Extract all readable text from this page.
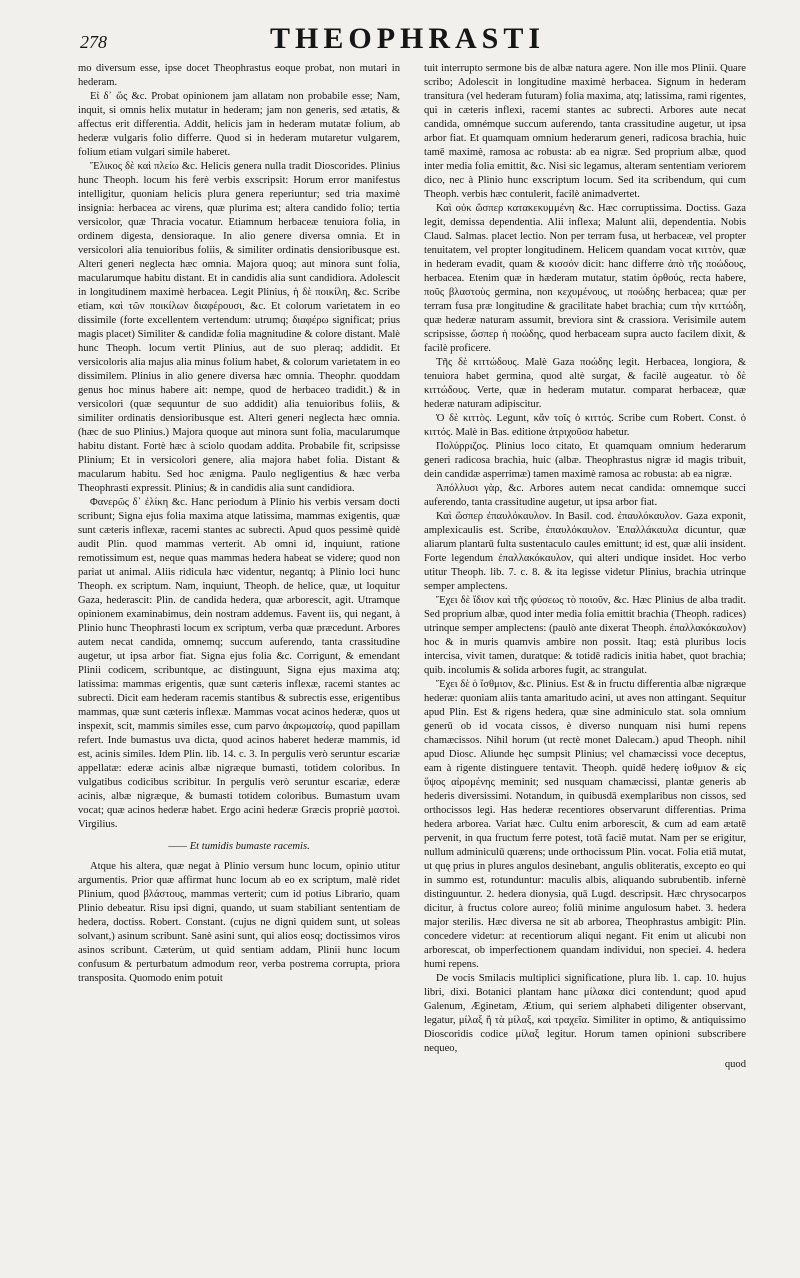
278	THEOPHRASTI

mo diversum esse, ipse docet Theophrastus eoque probat, non mutari in hederam.

Εἰ δ᾽ ὥς &c. Probat opinionem jam allatam non probabile esse; Nam, inquit, si omnis helix mutatur in hederam; jam non generis, sed ætatis, & affectus erit differentia. Addit, helicis jam in hederam mutatæ folium, ab hederæ vulgaris folio differre. Quod si in hederam mutaretur vulgarem, folium etiam vulgari simile haberet.

Ἔλικος δὲ καὶ πλείω &c. Helicis genera nulla tradit Dioscorides. Plinius hunc Theoph. locum his ferè verbis exscripsit: Horum error manifestus intelligitur, quoniam helicis plura genera reperiuntur; sed tria maximè insignia: herbacea ac virens, quæ plurima est; altera candido folio; tertia versicolor, quæ Thracia vocatur. Etiamnum herbaceæ tenuiora folia, in ordinem digesta, densioraque. In alio genere diversa omnia. Et in versicolori alia tenuioribus foliis, & similiter ordinatis densioribusque est. Alteri generi neglecta hæc omnia. Majora quoq; aut minora sunt folia, macularumque habitu distant. Et in candidis alia sunt candidiora. Adolescit in longitudinem maximè herbacea. Legit Plinius, ἡ δὲ ποικίλη, &c. Scribe etiam, καὶ τῶν ποικίλων διαφέρουσι, &c. Et colorum varietatem in eo dissimile (forte excellentem vertendum: utrumq; διαφέρω significat; prius magis placet) Similiter & candidæ folia magnitudine & colore distant. Malè hunc Theoph. locum vertit Plinius, aut de suo pleraq; addidit. Et versicoloris alia majus alia minus folium habet, & colorum varietatem in eo dissimilem. Plinius in alio genere diversa hæc omnia. Theophr. quoddam genus hoc minus habere ait: nempe, quod de herbaceo tradidit.) & in versicolori (quæ sequuntur de suo addidit) alia tenuioribus foliis, & similiter ordinatis densioribusque est. Alteri generi neglecta hæc omnia. (hæc de suo Plinius.) Majora quoque aut minora sunt folia, macularumque habitu distant. Fortè hæc à sciolo quodam addita. Probabile fit, scripsisse Plinium; Et in versicolori genere, alia majora habet folia. Distant & macularum habitu. Sed hoc ænigma. Paulo negligentius & hæc verba Theophrasti expressit. Plinius; & in candidis alia sunt candidiora.

Φανερῶς δ᾽ ἐλίκη &c. Hanc periodum à Plinio his verbis versam docti scribunt; Signa ejus folia maxima atque latissima, mammas exigentis, quæ sunt cæteris inflexæ, racemi stantes ac subrecti. Apud quos pessimè quidè audit Plin. quod mammas verterit. Ab omni id, inquiunt, ratione remotissimum est, neque quas mammas hedera habeat se videre; quod non pariat ut animal. Aliis ridicula hæc videntur, negantq; à Plinio loci hunc Theoph. ex scriptum. Nam, inquiunt, Theoph. de helice, quæ, ut loquitur Gaza, hederascit: Plin. de candida hedera, quæ arborescit, agit. Utramque opinionem examinabimus, dein nostram addemus. Favent iis, qui negant, à Plinio hunc Theophrasti locum ex scriptum, verba quæ præcedunt. Arbores autem necat candida, omnemq; succum auferendo, tanta crassitudine augetur, ut ipsa arbor fiat. Signa ejus folia &c. Corrigunt, & emendant Plinii codicem, scribuntque, ac distinguunt, Signa ejus maxima atq; latissima: mammas erigentis, quæ sunt cæteris inflexæ, racemi stantes ac subrecti. Dicit eam hederam racemis stantibus & subrectis esse, erigentibus mammas, quæ sunt cæteris inflexæ. Mammas vocat acinos hederæ, quos ut inspexit, scit, mammis similes esse, cum parvo ἀκρωμασίῳ, quod papillam refert. Inde bumastus uva dicta, quod acinos haberet hederæ mammis, id est, acinis similes. Idem Plin. lib. 14. c. 3. In pergulis verò seruntur escariæ appellatæ: ederæ acinis albæ nigræque bumasti, totidem coloribus. In vulgatibus codicibus scribitur. In pergulis verò seruntur escariæ, ederæ acinis, albæ nigræque, & bumasti totidem coloribus. Bumastum uvam vocat; quæ acinos hederæ habet. Ergo acini hederæ Græcis propriè μαστοὶ. Virgilius.

—— Et tumidis bumaste racemis.

Atque his altera, quæ negat à Plinio versum hunc locum, opinio utitur argumentis. Prior quæ affirmat hunc locum ab eo ex scriptum, malè ridet Plinium, quod βλάστους, mammas verterit; cum id potius Librario, quam Plinio debeatur. Risu ipsi digni, quando, ut suam stabiliant sententiam de hedera, doctiss. Robert. Constant. (cujus ne digni quidem sunt, ut soleas solvant,) asinum scribunt. Sanè asini sunt, qui alios eosq; doctissimos viros asinos scribunt. Cæterùm, ut quid sentiam addam, Plinii hunc locum confusum & perturbatum admodum reor, verba postrema corrupta, priora transposita. Quomodo enim potuit

tuit interrupto sermone bis de albæ natura agere. Non ille mos Plinii. Quare scribo; Adolescit in longitudine maximè herbacea. Signum in hederam transitura (vel hederam futuram) folia maxima, atq; latissima, rami rigentes, qui in cæteris inflexi, racemi stantes ac subrecti. Arbores aute necat candida, omnémque succum auferendo, tanta crassitudine augetur, ut ipsa arbor fiat. Et quamquam omnium hederarum generi, radicosa brachia, huic tamē maximè, ramosa ac robusta: ab ea nigræ. Sed proprium albæ, quod inter media folia emittit, &c. Nisi sic legamus, alteram sententiam veriorem dico, nec à Plinio hunc exscriptum locum. Sed ita scribendum, qui cum Theoph. verbis hæc contulerit, facilè animadvertet.

Καὶ οὐκ ὥσπερ κατακεκυμμένη &c. Hæc corruptissima. Doctiss. Gaza legit, demissa dependentia. Alii inflexa; Malunt alii, dependentia. Nobis Claud. Salmas. placet lectio. Non per terram fusa, ut herbaceæ, vel propter tenuitatem, vel propter longitudinem. Helicem quandam vocat κιττὸν, quæ in hederam evadit, quam & κισσόν dicit: hanc differre ἀπὸ τῆς ποώδους, herbacea. Etenim quæ in hæderam mutatur, statim ὀρθούς, recta habere, ποῦς βλαστοὺς germina, non κεχυμένους, ut ποώδης herbacea; quæ per terram fusa præ longitudine & gracilitate habet brachia; cum τὴν κιττώδη, quæ hederæ naturam assumit, breviora sint & crassiora. Verisimile autem scripsisse, ὥσπερ ἡ ποώδης, quod herbaceam supra aucto facilem dixit, & facilè proficere.

Τῆς δὲ κιττώδους. Malè Gaza ποώδης legit. Herbacea, longiora, & tenuiora habet germina, quod altè surgat, & facilè augeatur. τὸ δὲ κιττώδους. Verte, quæ in hederam mutatur. comparat herbaceæ, quæ hederæ naturam adipiscitur.

Ὁ δὲ κιττὸς. Legunt, κἂν τοῖς ὁ κιττός. Scribe cum Robert. Const. ὁ κιττός. Malè in Bas. editione ἀτριχοῦσα habetur.

Πολύρριζος. Plinius loco citato, Et quamquam omnium hederarum generi radicosa brachia, huic (albæ. Theophrastus nigræ id magis tribuit, dein candidæ asperrimæ) tamen maximè ramosa ac robusta: ab ea nigræ.

Ἀπόλλυσι γὰρ, &c. Arbores autem necat candida: omnemque succi auferendo, tanta crassitudine augetur, ut ipsa arbor fiat.

Καὶ ὥσπερ ἐπαυλόκαυλον. In Basil. cod. ἐπαυλόκαυλον. Gaza exponit, amplexicaulis est. Scribe, ἐπαυλόκαυλον. Ἐπαλλάκαυλα dicuntur, quæ aliarum plantarū fulta sustentaculo caules emittunt; id est, quæ alii insident. Forte legendum ἐπαλλακόκαυλον, qui alteri undique insidet. Hoc verbo utitur Theoph. lib. 7. c. 8. & ita legisse videtur Plinius, brachia utrinque semper amplectens.

Ἔχει δὲ ἴδιον καὶ τῆς φύσεως τὸ ποιοῦν, &c. Hæc Plinius de alba tradit. Sed proprium albæ, quod inter media folia emittit brachia (Theoph. radices) utrinque semper amplectens: (paulò ante dixerat Theoph. ἐπαλλακόκαυλον) hoc & in muris quamvis ambire non possit. Itaq; està pluribus locis intercisa, vivit tamen, duratque: & totidē radicis initia habet, quot brachia; quib. incolumis & solida arbores fugit, ac strangulat.

Ἔχει δὲ ὁ ἴσθμιον, &c. Plinius. Est & in fructu differentia albæ nigræque hederæ: quoniam aliis tanta amaritudo acini, ut aves non attingant. Sequitur apud Plin. Est & rigens hedera, quæ sine adminiculo stat. sola omnium generū ob id vocata cissos, è diverso nunquam nisi humi repens chamæcissos. Nihil horum (ut rectè monet Dalecam.) apud Theoph. nihil apud Diosc. Aliunde hęc sumpsit Plinius; vel chamæcissi voce deceptus, eam à rigente distinguere tentavit. Theoph. quidē hederę ἰσθμιον & εἰς ὕψος αἰρομένης meminit; sed nusquam chamæcissi, plantæ generis ab hederis diversissimi. Notandum, in quibusdā exemplaribus non cissos, sed orthocissos legi. Has hederæ recentiores observarunt differentias. Prima hedera arborea. Variat hæc. Cultu enim arborescit, & cum ad eam ætatē pervenit, in qua fructum ferre potest, totā faciē mutat. Nam per se erigitur, nullum adminiculū quærens; unde orthocissum Plin. vocat. Folia etiā mutat, ut quę prius in plures angulos desinebant, angulis obliteratis, excepto eo qui in summo est, rotunduntur: maculis albis, aliquando subrubentib. infernè distinguuntur. 2. hedera dionysia, quā Lugd. descripsit. Hæc chrysocarpos dicitur, à fructus colore aureo; foliū minime angulosum habet. 3. hedera major sterilis. Hæc diversa ne sit ab arborea, Theophrastus ambigit: Plin. concedere videtur: at recentiorum aliqui negant. Fit enim ut alicubi non arborescat, ob imperfectionem quandam individui, non speciei. 4. hedera humi repens.

De vocis Smilacis multiplici significatione, plura lib. 1. cap. 10. hujus libri, dixi. Botanici plantam hanc μίλακα dici contendunt; quod apud Galenum, Æginetam, Ætium, qui seriem alphabeti diligenter observant, legatur, μίλαξ ἢ τὰ μίλαξ, καὶ τραχεῖα. Similiter in optimo, & antiquissimo Dioscoridis codice μίλαξ legitur. Horum tamen opinioni subscribere nequeo,

quod
